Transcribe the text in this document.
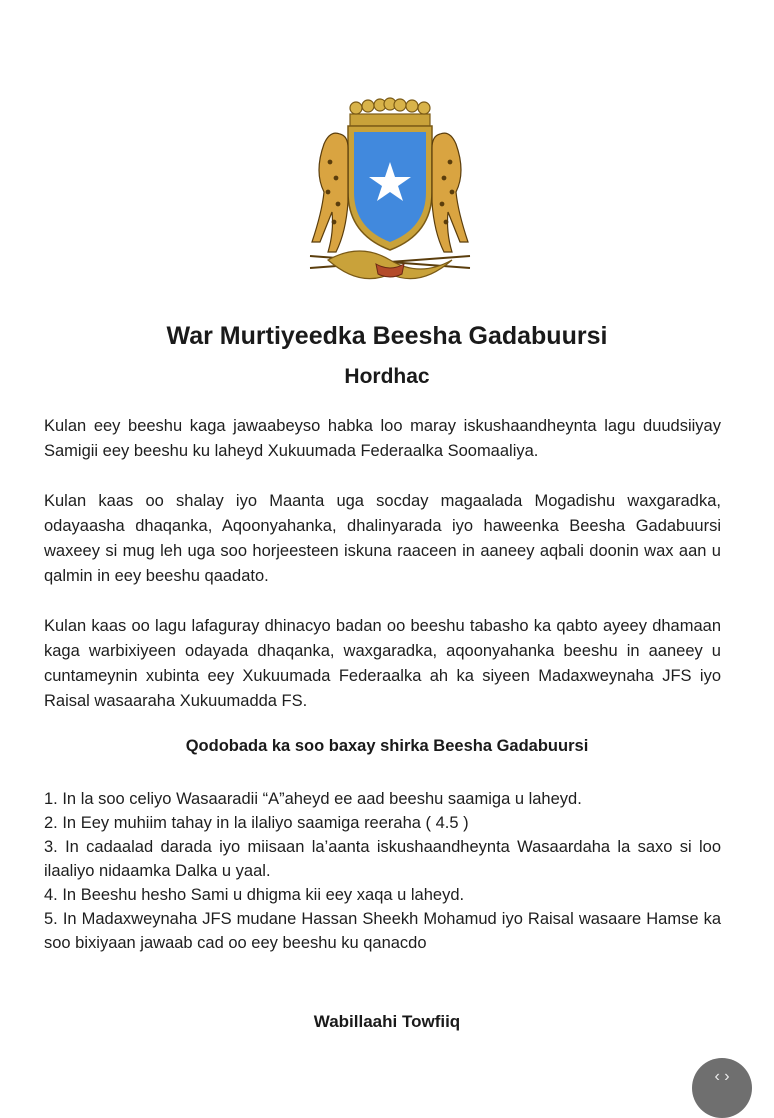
War Murtiyeedka Beesha Gadabuursi
Hordhac
Kulan eey beeshu kaga jawaabeyso habka loo maray iskushaandheynta lagu duudsiiyay Samigii eey beeshu ku laheyd Xukuumada Federaalka Soomaaliya.
Kulan kaas oo shalay iyo Maanta uga socday magaalada Mogadishu waxgaradka, odayaasha dhaqanka, Aqoonyahanka, dhalinyarada iyo haweenka Beesha Gadabuursi waxeey si mug leh uga soo horjeesteen iskuna raaceen in aaneey aqbali doonin wax aan u qalmin in eey beeshu qaadato.
Kulan kaas oo lagu lafaguray dhinacyo badan oo beeshu tabasho ka qabto ayeey dhamaan kaga warbixiyeen odayada dhaqanka, waxgaradka, aqoonyahanka beeshu in aaneey u cuntameynin xubinta eey Xukuumada Federaalka ah ka siyeen Madaxweynaha JFS iyo Raisal wasaaraha Xukuumadda FS.
Qodobada ka soo baxay shirka Beesha Gadabuursi
1. In la soo celiyo Wasaaradii “A”aheyd ee aad beeshu saamiga u laheyd.
2. In Eey muhiim tahay in la ilaliyo saamiga reeraha ( 4.5 )
3. In cadaalad darada iyo miisaan la’aanta iskushaandheynta Wasaardaha la saxo si loo ilaaliyo nidaamka Dalka u yaal.
4. In Beeshu hesho Sami u dhigma kii eey xaqa u laheyd.
5. In Madaxweynaha JFS mudane Hassan Sheekh Mohamud iyo Raisal wasaare Hamse ka soo bixiyaan jawaab cad oo eey beeshu ku qanacdo
Wabillaahi Towfiiq
‹ ›
